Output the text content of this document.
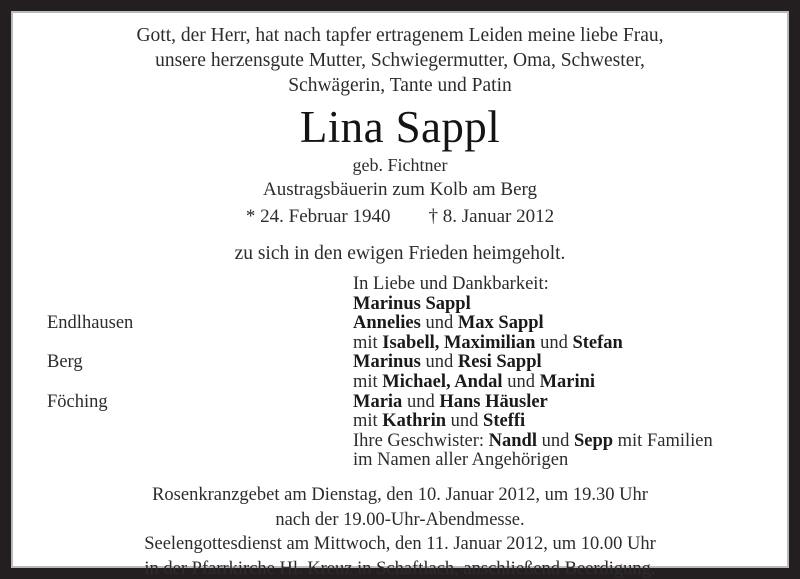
Gott, der Herr, hat nach tapfer ertragenem Leiden meine liebe Frau,
unsere herzensgute Mutter, Schwiegermutter, Oma, Schwester,
Schwägerin, Tante und Patin
Lina Sappl
geb. Fichtner
Austragsbäuerin zum Kolb am Berg
* 24. Februar 1940 † 8. Januar 2012
zu sich in den ewigen Frieden heimgeholt.
In Liebe und Dankbarkeit:
Marinus Sappl
Endlhausen	Annelies und Max Sappl
mit Isabell, Maximilian und Stefan
Berg	Marinus und Resi Sappl
mit Michael, Andal und Marini
Föching	Maria und Hans Häusler
mit Kathrin und Steffi
Ihre Geschwister: Nandl und Sepp mit Familien
im Namen aller Angehörigen
Rosenkranzgebet am Dienstag, den 10. Januar 2012, um 19.30 Uhr
nach der 19.00-Uhr-Abendmesse.
Seelengottesdienst am Mittwoch, den 11. Januar 2012, um 10.00 Uhr
in der Pfarrkirche Hl. Kreuz in Schaftlach, anschließend Beerdigung.
